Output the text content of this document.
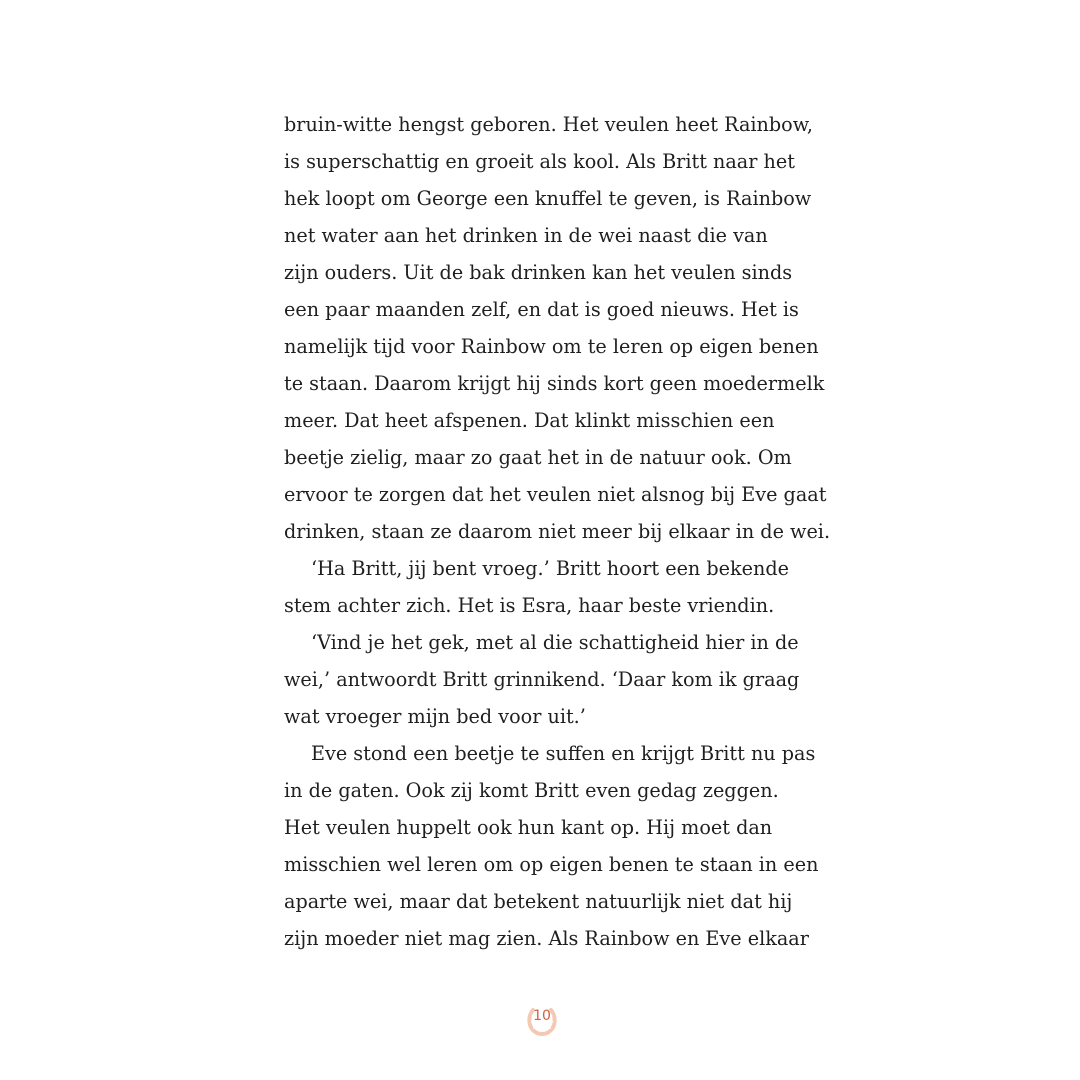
bruin-witte hengst geboren. Het veulen heet Rainbow,
is superschattig en groeit als kool. Als Britt naar het
hek loopt om George een knuffel te geven, is Rainbow
net water aan het drinken in de wei naast die van
zijn ouders. Uit de bak drinken kan het veulen sinds
een paar maanden zelf, en dat is goed nieuws. Het is
namelijk tijd voor Rainbow om te leren op eigen benen
te staan. Daarom krijgt hij sinds kort geen moedermelk
meer. Dat heet afspenen. Dat klinkt misschien een
beetje zielig, maar zo gaat het in de natuur ook. Om
ervoor te zorgen dat het veulen niet alsnog bij Eve gaat
drinken, staan ze daarom niet meer bij elkaar in de wei.
‘Ha Britt, jij bent vroeg.’ Britt hoort een bekende
stem achter zich. Het is Esra, haar beste vriendin.
‘Vind je het gek, met al die schattigheid hier in de
wei,’ antwoordt Britt grinnikend. ‘Daar kom ik graag
wat vroeger mijn bed voor uit.’
Eve stond een beetje te suffen en krijgt Britt nu pas
in de gaten. Ook zij komt Britt even gedag zeggen.
Het veulen huppelt ook hun kant op. Hij moet dan
misschien wel leren om op eigen benen te staan in een
aparte wei, maar dat betekent natuurlijk niet dat hij
zijn moeder niet mag zien. Als Rainbow en Eve elkaar
10
